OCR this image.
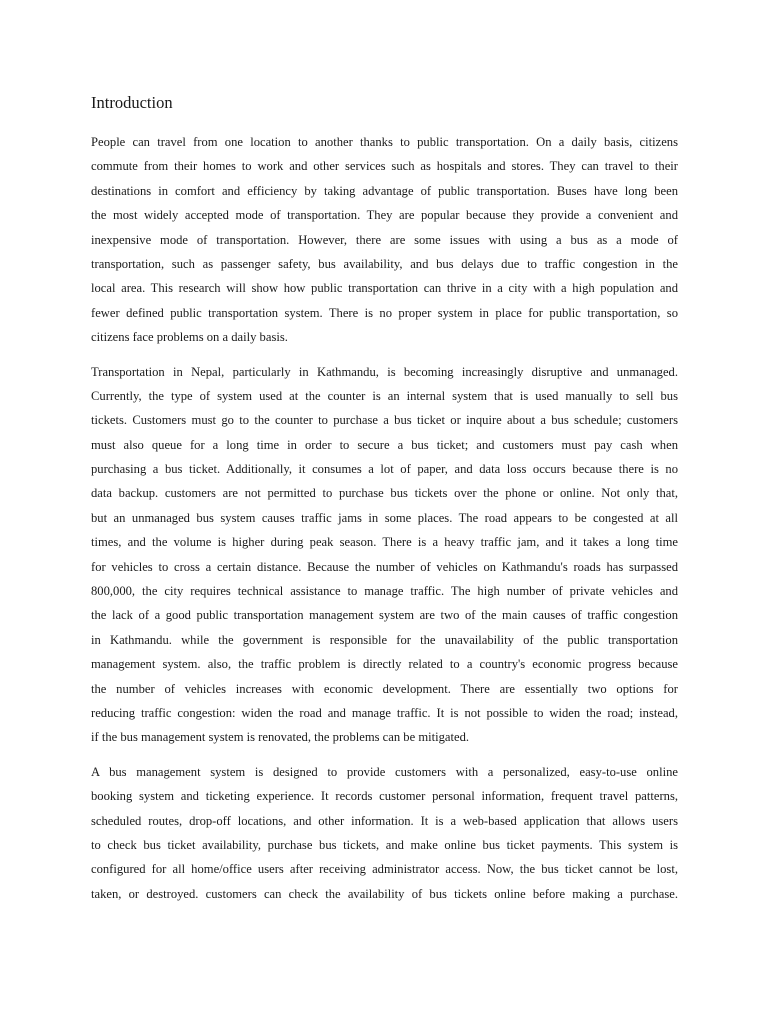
Introduction
People can travel from one location to another thanks to public transportation. On a daily basis, citizens
commute from their homes to work and other services such as hospitals and stores. They can travel to their
destinations in comfort and efficiency by taking advantage of public transportation. Buses have long been
the most widely accepted mode of transportation. They are popular because they provide a convenient and
inexpensive mode of transportation. However, there are some issues with using a bus as a mode of
transportation, such as passenger safety, bus availability, and bus delays due to traffic congestion in the
local area. This research will show how public transportation can thrive in a city with a high population and
fewer defined public transportation system. There is no proper system in place for public transportation, so
citizens face problems on a daily basis.
Transportation in Nepal, particularly in Kathmandu, is becoming increasingly disruptive and unmanaged.
Currently, the type of system used at the counter is an internal system that is used manually to sell bus
tickets. Customers must go to the counter to purchase a bus ticket or inquire about a bus schedule; customers
must also queue for a long time in order to secure a bus ticket; and customers must pay cash when
purchasing a bus ticket. Additionally, it consumes a lot of paper, and data loss occurs because there is no
data backup. customers are not permitted to purchase bus tickets over the phone or online. Not only that,
but an unmanaged bus system causes traffic jams in some places. The road appears to be congested at all
times, and the volume is higher during peak season. There is a heavy traffic jam, and it takes a long time
for vehicles to cross a certain distance. Because the number of vehicles on Kathmandu's roads has surpassed
800,000, the city requires technical assistance to manage traffic. The high number of private vehicles and
the lack of a good public transportation management system are two of the main causes of traffic congestion
in Kathmandu. while the government is responsible for the unavailability of the public transportation
management system. also, the traffic problem is directly related to a country's economic progress because
the number of vehicles increases with economic development. There are essentially two options for
reducing traffic congestion: widen the road and manage traffic. It is not possible to widen the road; instead,
if the bus management system is renovated, the problems can be mitigated.
A bus management system is designed to provide customers with a personalized, easy-to-use online
booking system and ticketing experience. It records customer personal information, frequent travel patterns,
scheduled routes, drop-off locations, and other information. It is a web-based application that allows users
to check bus ticket availability, purchase bus tickets, and make online bus ticket payments. This system is
configured for all home/office users after receiving administrator access. Now, the bus ticket cannot be lost,
taken, or destroyed. customers can check the availability of bus tickets online before making a purchase.
